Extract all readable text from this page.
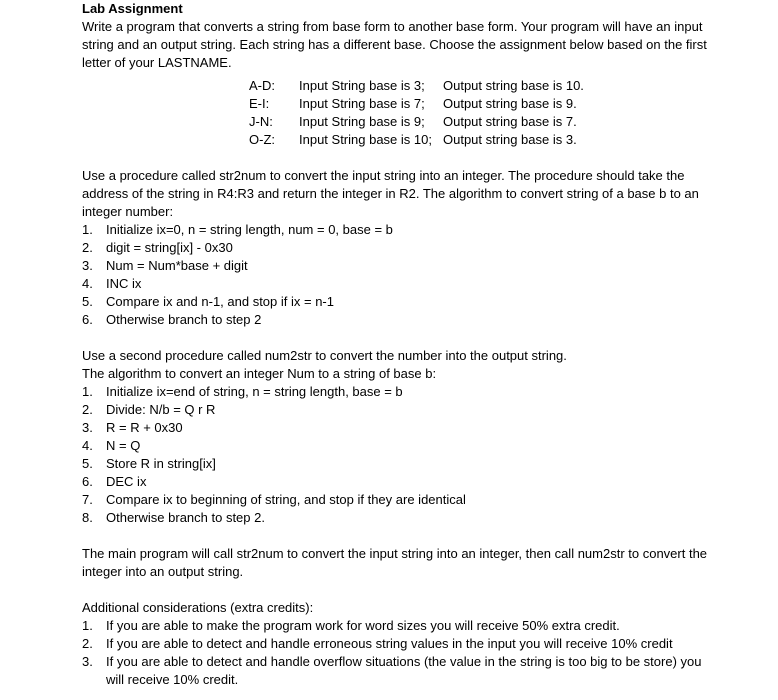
Lab Assignment

Write a program that converts a string from base form to another base form. Your program will have an input string and an output string. Each string has a different base. Choose the assignment below based on the first letter of your LASTNAME.

A-D:	Input String base is 3;	Output string base is 10.
E-I:	Input String base is 7;	Output string base is 9.
J-N:	Input String base is 9;	Output string base is 7.
O-Z:	Input String base is 10;	Output string base is 3.

Use a procedure called str2num to convert the input string into an integer. The procedure should take the address of the string in R4:R3 and return the integer in R2. The algorithm to convert string of a base b to an integer number:

1. Initialize ix=0, n = string length, num = 0, base = b
2. digit = string[ix] - 0x30
3. Num = Num*base + digit
4. INC ix
5. Compare ix and n-1, and stop if ix = n-1
6. Otherwise branch to step 2

Use a second procedure called num2str to convert the number into the output string.

The algorithm to convert an integer Num to a string of base b:

1. Initialize ix=end of string, n = string length, base = b
2. Divide: N/b = Q r R
3. R = R + 0x30
4. N = Q
5. Store R in string[ix]
6. DEC ix
7. Compare ix to beginning of string, and stop if they are identical
8. Otherwise branch to step 2.

The main program will call str2num to convert the input string into an integer, then call num2str to convert the integer into an output string.

Additional considerations (extra credits):

1. If you are able to make the program work for word sizes you will receive 50% extra credit.
2. If you are able to detect and handle erroneous string values in the input you will receive 10% credit
3. If you are able to detect and handle overflow situations (the value in the string is too big to be store) you will receive 10% credit.
